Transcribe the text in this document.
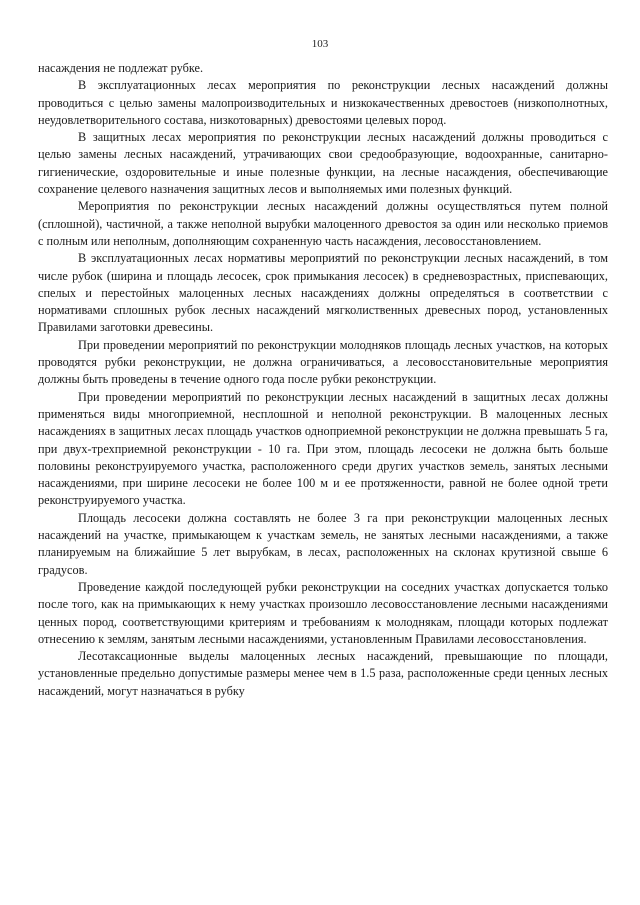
103

насаждения не подлежат рубке.

В эксплуатационных лесах мероприятия по реконструкции лесных насаждений должны проводиться с целью замены малопроизводительных и низкокачественных древостоев (низкополнотных, неудовлетворительного состава, низкотоварных) древостоями целевых пород.

В защитных лесах мероприятия по реконструкции лесных насаждений должны проводиться с целью замены лесных насаждений, утрачивающих свои средообразующие, водоохранные, санитарно-гигиенические, оздоровительные и иные полезные функции, на лесные насаждения, обеспечивающие сохранение целевого назначения защитных лесов и выполняемых ими полезных функций.

Мероприятия по реконструкции лесных насаждений должны осуществляться путем полной (сплошной), частичной, а также неполной вырубки малоценного древостоя за один или несколько приемов с полным или неполным, дополняющим сохраненную часть насаждения, лесовосстановлением.

В эксплуатационных лесах нормативы мероприятий по реконструкции лесных насаждений, в том числе рубок (ширина и площадь лесосек, срок примыкания лесосек) в средневозрастных, приспевающих, спелых и перестойных малоценных лесных насаждениях должны определяться в соответствии с нормативами сплошных рубок лесных насаждений мягколиственных древесных пород, установленных Правилами заготовки древесины.

При проведении мероприятий по реконструкции молодняков площадь лесных участков, на которых проводятся рубки реконструкции, не должна ограничиваться, а лесовосстановительные мероприятия должны быть проведены в течение одного года после рубки реконструкции.

При проведении мероприятий по реконструкции лесных насаждений в защитных лесах должны применяться виды многоприемной, несплошной и неполной реконструкции. В малоценных лесных насаждениях в защитных лесах площадь участков одноприемной реконструкции не должна превышать 5 га, при двух-трехприемной реконструкции - 10 га. При этом, площадь лесосеки не должна быть больше половины реконструируемого участка, расположенного среди других участков земель, занятых лесными насаждениями, при ширине лесосеки не более 100 м и ее протяженности, равной не более одной трети реконструируемого участка.

Площадь лесосеки должна составлять не более 3 га при реконструкции малоценных лесных насаждений на участке, примыкающем к участкам земель, не занятых лесными насаждениями, а также планируемым на ближайшие 5 лет вырубкам, в лесах, расположенных на склонах крутизной свыше 6 градусов.

Проведение каждой последующей рубки реконструкции на соседних участках допускается только после того, как на примыкающих к нему участках произошло лесовосстановление лесными насаждениями ценных пород, соответствующими критериям и требованиям к молоднякам, площади которых подлежат отнесению к землям, занятым лесными насаждениями, установленным Правилами лесовосстановления.

Лесотаксационные выделы малоценных лесных насаждений, превышающие по площади, установленные предельно допустимые размеры менее чем в 1.5 раза, расположенные среди ценных лесных насаждений, могут назначаться в рубку
